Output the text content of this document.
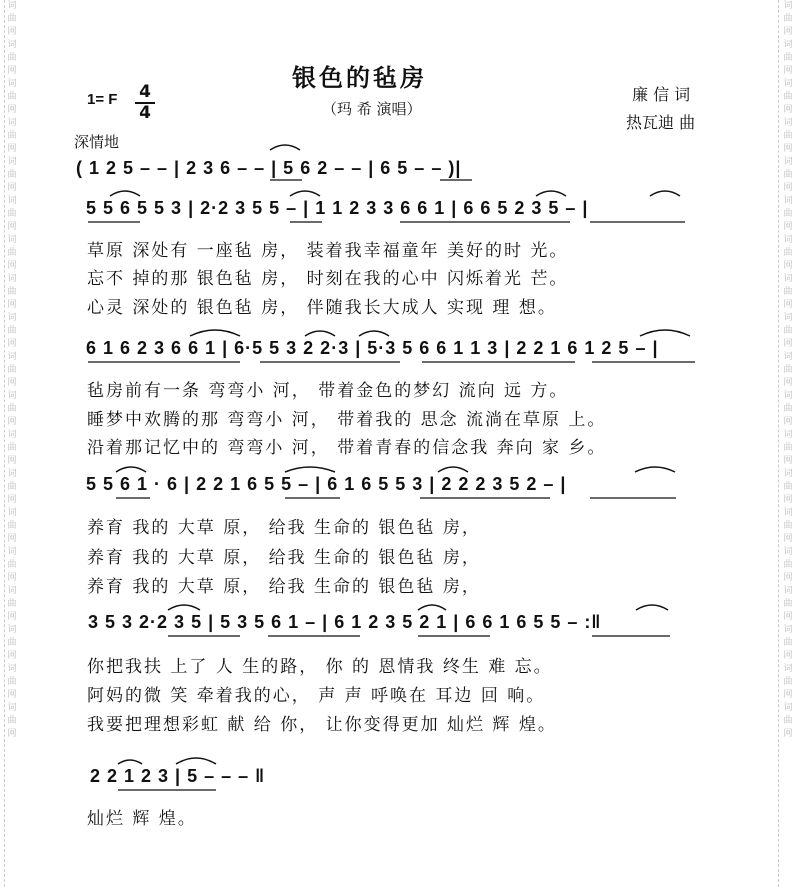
词曲网词曲网词曲网词曲网词曲网词曲网词曲网词曲网词曲网词曲网词曲网词曲网词曲网词曲网词曲网词曲网词曲网词曲网词曲网
词曲网词曲网词曲网词曲网词曲网词曲网词曲网词曲网词曲网词曲网词曲网词曲网词曲网词曲网词曲网词曲网词曲网词曲网词曲网
银色的毡房
（玛 希 演唱）
廉 信 词
热瓦迪 曲
1= F 4
4
深情地
( 1 2 5 – – | 2 3 6 – – | 5 6 2 – – | 6 5 – – )|
5 5 6 5 5 3 | 2·2 3 5 5 – | 1 1 2 3 3 6 6 1 | 6 6 5 2 3 5 – |
草原 深处有 一座毡 房， 装着我幸福童年 美好的时 光。
忘不 掉的那 银色毡 房， 时刻在我的心中 闪烁着光 芒。
心灵 深处的 银色毡 房， 伴随我长大成人 实现 理 想。
6 1 6 2 3 6 6 1 | 6·5 5 3 2 2·3 | 5·3 5 6 6 1 1 3 | 2 2 1 6 1 2 5 – |
毡房前有一条 弯弯小 河， 带着金色的梦幻 流向 远 方。
睡梦中欢腾的那 弯弯小 河， 带着我的 思念 流淌在草原 上。
沿着那记忆中的 弯弯小 河， 带着青春的信念我 奔向 家 乡。
5 5 6 1 · 6 | 2 2 1 6 5 5 – | 6 1 6 5 5 3 | 2 2 2 3 5 2 – |
养育 我的 大草 原， 给我 生命的 银色毡 房，
养育 我的 大草 原， 给我 生命的 银色毡 房，
养育 我的 大草 原， 给我 生命的 银色毡 房，
3 5 3 2·2 3 5 | 5 3 5 6 1 – | 6 1 2 3 5 2 1 | 6 6 1 6 5 5 – :‖
你把我扶 上了 人 生的路， 你 的 恩情我 终生 难 忘。
阿妈的微 笑 牵着我的心， 声 声 呼唤在 耳边 回 响。
我要把理想彩虹 献 给 你， 让你变得更加 灿烂 辉 煌。
2 2 1 2 3 | 5 – – – ‖
灿烂 辉 煌。
